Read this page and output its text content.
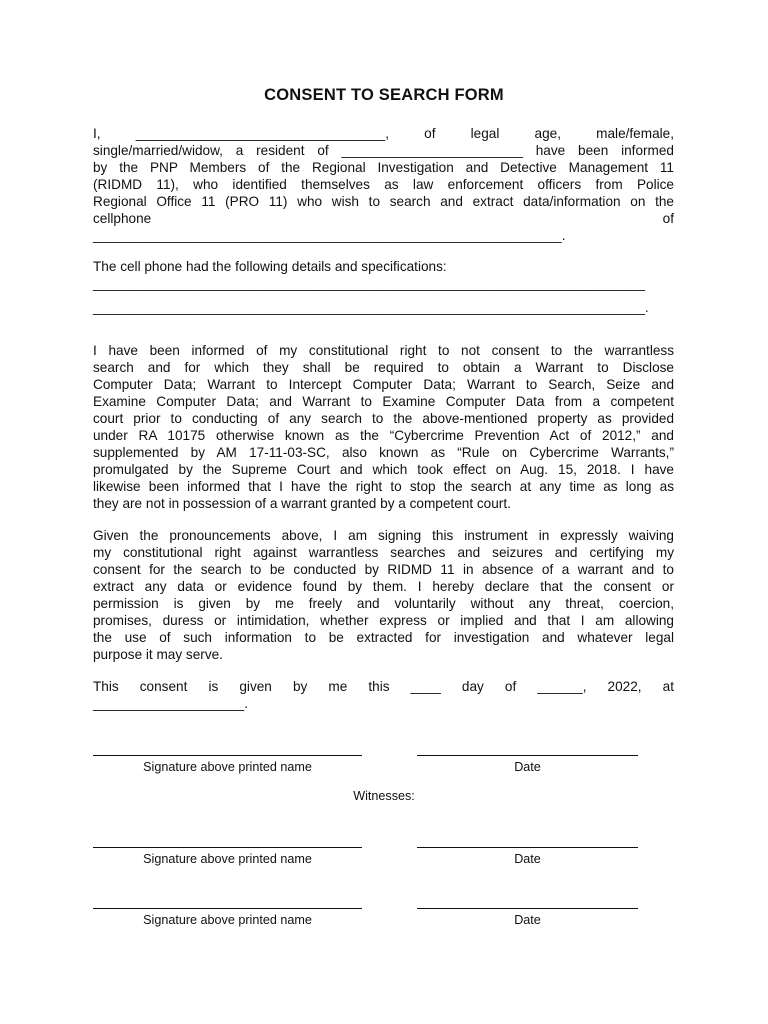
CONSENT TO SEARCH FORM
I, _________________________________, of legal age, male/female,
single/married/widow, a resident of ________________________ have been informed
by the PNP Members of the Regional Investigation and Detective Management 11
(RIDMD 11), who identified themselves as law enforcement officers from Police
Regional Office 11 (PRO 11) who wish to search and extract data/information on the
cellphone of
______________________________________________________________.
The cell phone had the following details and specifications:
_________________________________________________________________________
_________________________________________________________________________.
I have been informed of my constitutional right to not consent to the warrantless
search and for which they shall be required to obtain a Warrant to Disclose
Computer Data; Warrant to Intercept Computer Data; Warrant to Search, Seize and
Examine Computer Data; and Warrant to Examine Computer Data from a competent
court prior to conducting of any search to the above-mentioned property as provided
under RA 10175 otherwise known as the “Cybercrime Prevention Act of 2012,” and
supplemented by AM 17-11-03-SC, also known as “Rule on Cybercrime Warrants,”
promulgated by the Supreme Court and which took effect on Aug. 15, 2018. I have
likewise been informed that I have the right to stop the search at any time as long as
they are not in possession of a warrant granted by a competent court.
Given the pronouncements above, I am signing this instrument in expressly waiving
my constitutional right against warrantless searches and seizures and certifying my
consent for the search to be conducted by RIDMD 11 in absence of a warrant and to
extract any data or evidence found by them. I hereby declare that the consent or
permission is given by me freely and voluntarily without any threat, coercion,
promises, duress or intimidation, whether express or implied and that I am allowing
the use of such information to be extracted for investigation and whatever legal
purpose it may serve.
This consent is given by me this ____ day of ______, 2022, at
____________________.
Signature above printed name	Date
Witnesses:
Signature above printed name	Date
Signature above printed name	Date
